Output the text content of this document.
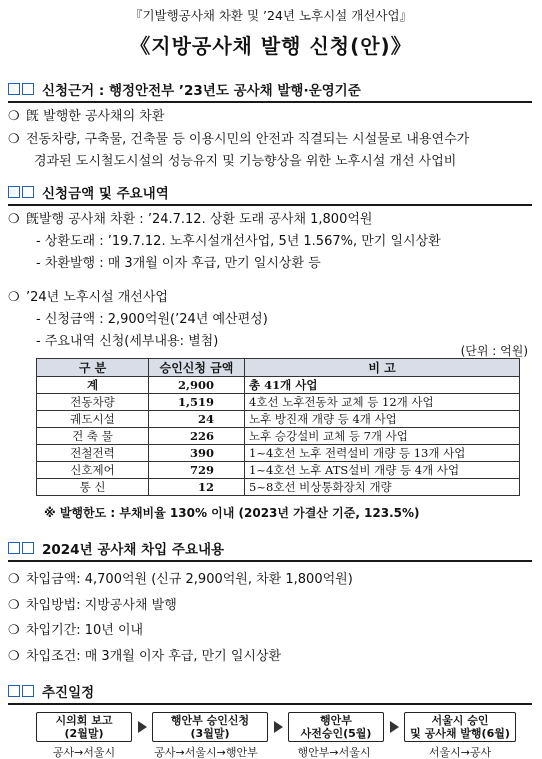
『기발행공사채 차환 및 ’24년 노후시설 개선사업』
《지방공사채 발행 신청(안)》
신청근거 : 행정안전부 ’23년도 공사채 발행·운영기준
❍ 旣 발행한 공사채의 차환
❍ 전동차량, 구축물, 건축물 등 이용시민의 안전과 직결되는 시설물로 내용연수가
경과된 도시철도시설의 성능유지 및 기능향상을 위한 노후시설 개선 사업비
신청금액 및 주요내역
❍ 旣발행 공사채 차환 : ’24.7.12. 상환 도래 공사채 1,800억원
- 상환도래 : ’19.7.12. 노후시설개선사업, 5년 1.567%, 만기 일시상환
- 차환발행 : 매 3개월 이자 후급, 만기 일시상환 등
❍ ’24년 노후시설 개선사업
- 신청금액 : 2,900억원(’24년 예산편성)
- 주요내역 신청(세부내용: 별첨)
(단위 : 억원)
구 분	승인신청 금액	비 고
계	2,900	총 41개 사업
전동차량	1,519	4호선 노후전동차 교체 등 12개 사업
궤도시설	24	노후 방진재 개량 등 4개 사업
건 축 물	226	노후 승강설비 교체 등 7개 사업
전철전력	390	1~4호선 노후 전력설비 개량 등 13개 사업
신호제어	729	1~4호선 노후 ATS설비 개량 등 4개 사업
통 신	12	5~8호선 비상통화장치 개량
※ 발행한도 : 부채비율 130% 이내 (2023년 가결산 기준, 123.5%)
2024년 공사채 차입 주요내용
❍ 차입금액: 4,700억원 (신규 2,900억원, 차환 1,800억원)
❍ 차입방법: 지방공사채 발행
❍ 차입기간: 10년 이내
❍ 차입조건: 매 3개월 이자 후급, 만기 일시상환
추진일정
시의회 보고
(2월말)
행안부 승인신청
(3월말)
행안부
사전승인(5월)
서울시 승인
및 공사채 발행(6월)
공사→서울시	공사→서울시→행안부	행안부→서울시	서울시→공사
